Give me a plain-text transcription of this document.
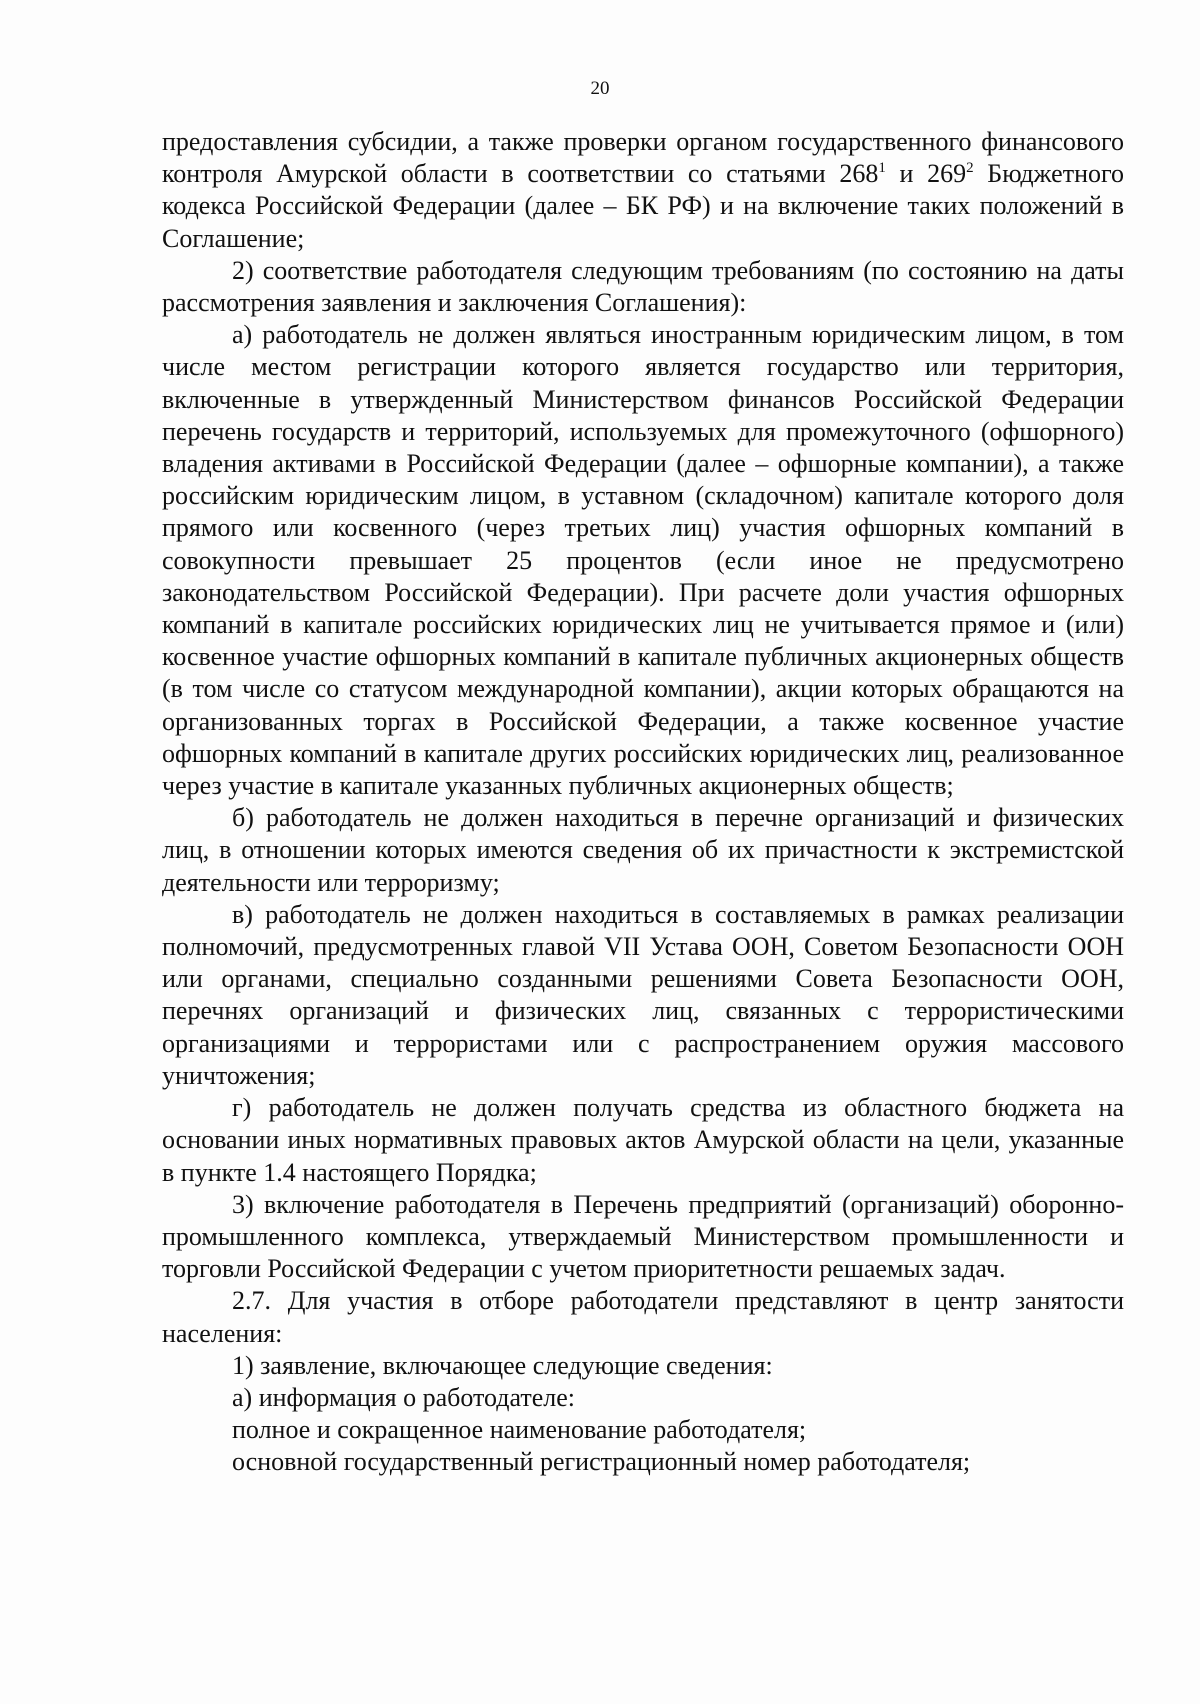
20

предоставления субсидии, а также проверки органом государственного финансового контроля Амурской области в соответствии со статьями $268^1$ и $269^2$ Бюджетного кодекса Российской Федерации (далее – БК РФ) и на включение таких положений в Соглашение;

2) соответствие работодателя следующим требованиям (по состоянию на даты рассмотрения заявления и заключения Соглашения):

а) работодатель не должен являться иностранным юридическим лицом, в том числе местом регистрации которого является государство или территория, включенные в утвержденный Министерством финансов Российской Федерации перечень государств и территорий, используемых для промежуточного (офшорного) владения активами в Российской Федерации (далее – офшорные компании), а также российским юридическим лицом, в уставном (складочном) капитале которого доля прямого или косвенного (через третьих лиц) участия офшорных компаний в совокупности превышает 25 процентов (если иное не предусмотрено законодательством Российской Федерации). При расчете доли участия офшорных компаний в капитале российских юридических лиц не учитывается прямое и (или) косвенное участие офшорных компаний в капитале публичных акционерных обществ (в том числе со статусом международной компании), акции которых обращаются на организованных торгах в Российской Федерации, а также косвенное участие офшорных компаний в капитале других российских юридических лиц, реализованное через участие в капитале указанных публичных акционерных обществ;

б) работодатель не должен находиться в перечне организаций и физических лиц, в отношении которых имеются сведения об их причастности к экстремистской деятельности или терроризму;

в) работодатель не должен находиться в составляемых в рамках реализации полномочий, предусмотренных главой VII Устава ООН, Советом Безопасности ООН или органами, специально созданными решениями Совета Безопасности ООН, перечнях организаций и физических лиц, связанных с террористическими организациями и террористами или с распространением оружия массового уничтожения;

г) работодатель не должен получать средства из областного бюджета на основании иных нормативных правовых актов Амурской области на цели, указанные в пункте 1.4 настоящего Порядка;

3) включение работодателя в Перечень предприятий (организаций) оборонно-промышленного комплекса, утверждаемый Министерством промышленности и торговли Российской Федерации с учетом приоритетности решаемых задач.

2.7. Для участия в отборе работодатели представляют в центр занятости населения:

1) заявление, включающее следующие сведения:

а) информация о работодателе:

полное и сокращенное наименование работодателя;

основной государственный регистрационный номер работодателя;
